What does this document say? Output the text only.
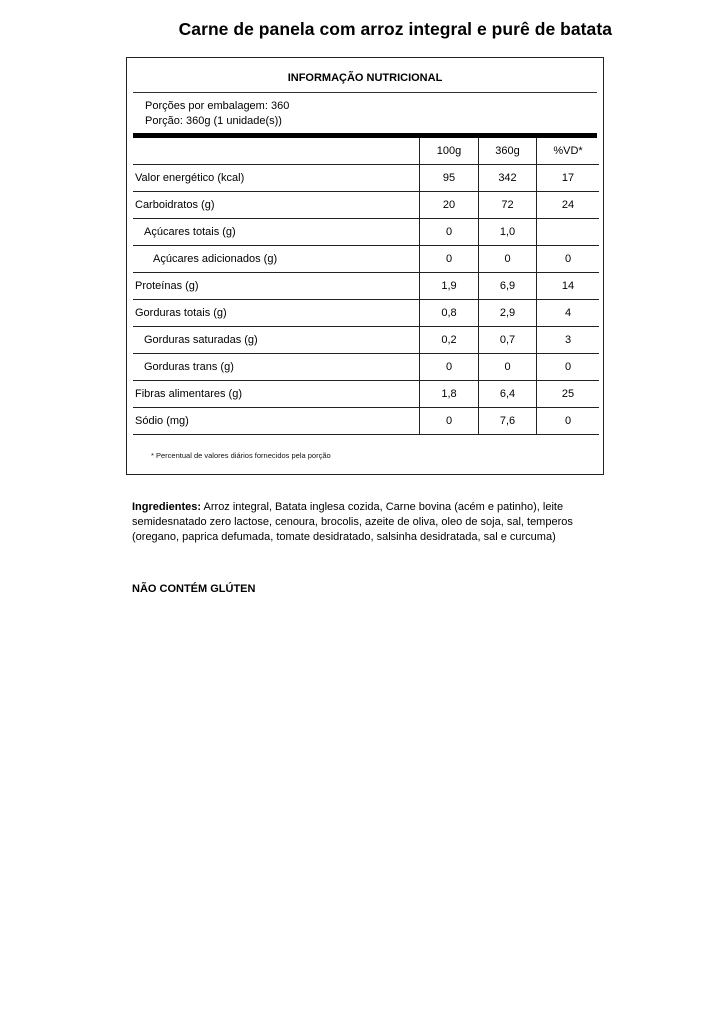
Carne de panela com arroz integral e purê de batata
INFORMAÇÃO NUTRICIONAL
Porções por embalagem: 360
Porção: 360g (1 unidade(s))
	100g	360g	%VD*
Valor energético (kcal)	95	342	17
Carboidratos (g)	20	72	24
Açúcares totais (g)	0	1,0	
Açúcares adicionados (g)	0	0	0
Proteínas (g)	1,9	6,9	14
Gorduras totais (g)	0,8	2,9	4
Gorduras saturadas (g)	0,2	0,7	3
Gorduras trans (g)	0	0	0
Fibras alimentares (g)	1,8	6,4	25
Sódio (mg)	0	7,6	0
* Percentual de valores diários fornecidos pela porção
Ingredientes: Arroz integral, Batata inglesa cozida, Carne bovina (acém e patinho), leite semidesnatado zero lactose, cenoura, brocolis, azeite de oliva, oleo de soja, sal, temperos (oregano, paprica defumada, tomate desidratado, salsinha desidratada, sal e curcuma)
NÃO CONTÉM GLÚTEN
